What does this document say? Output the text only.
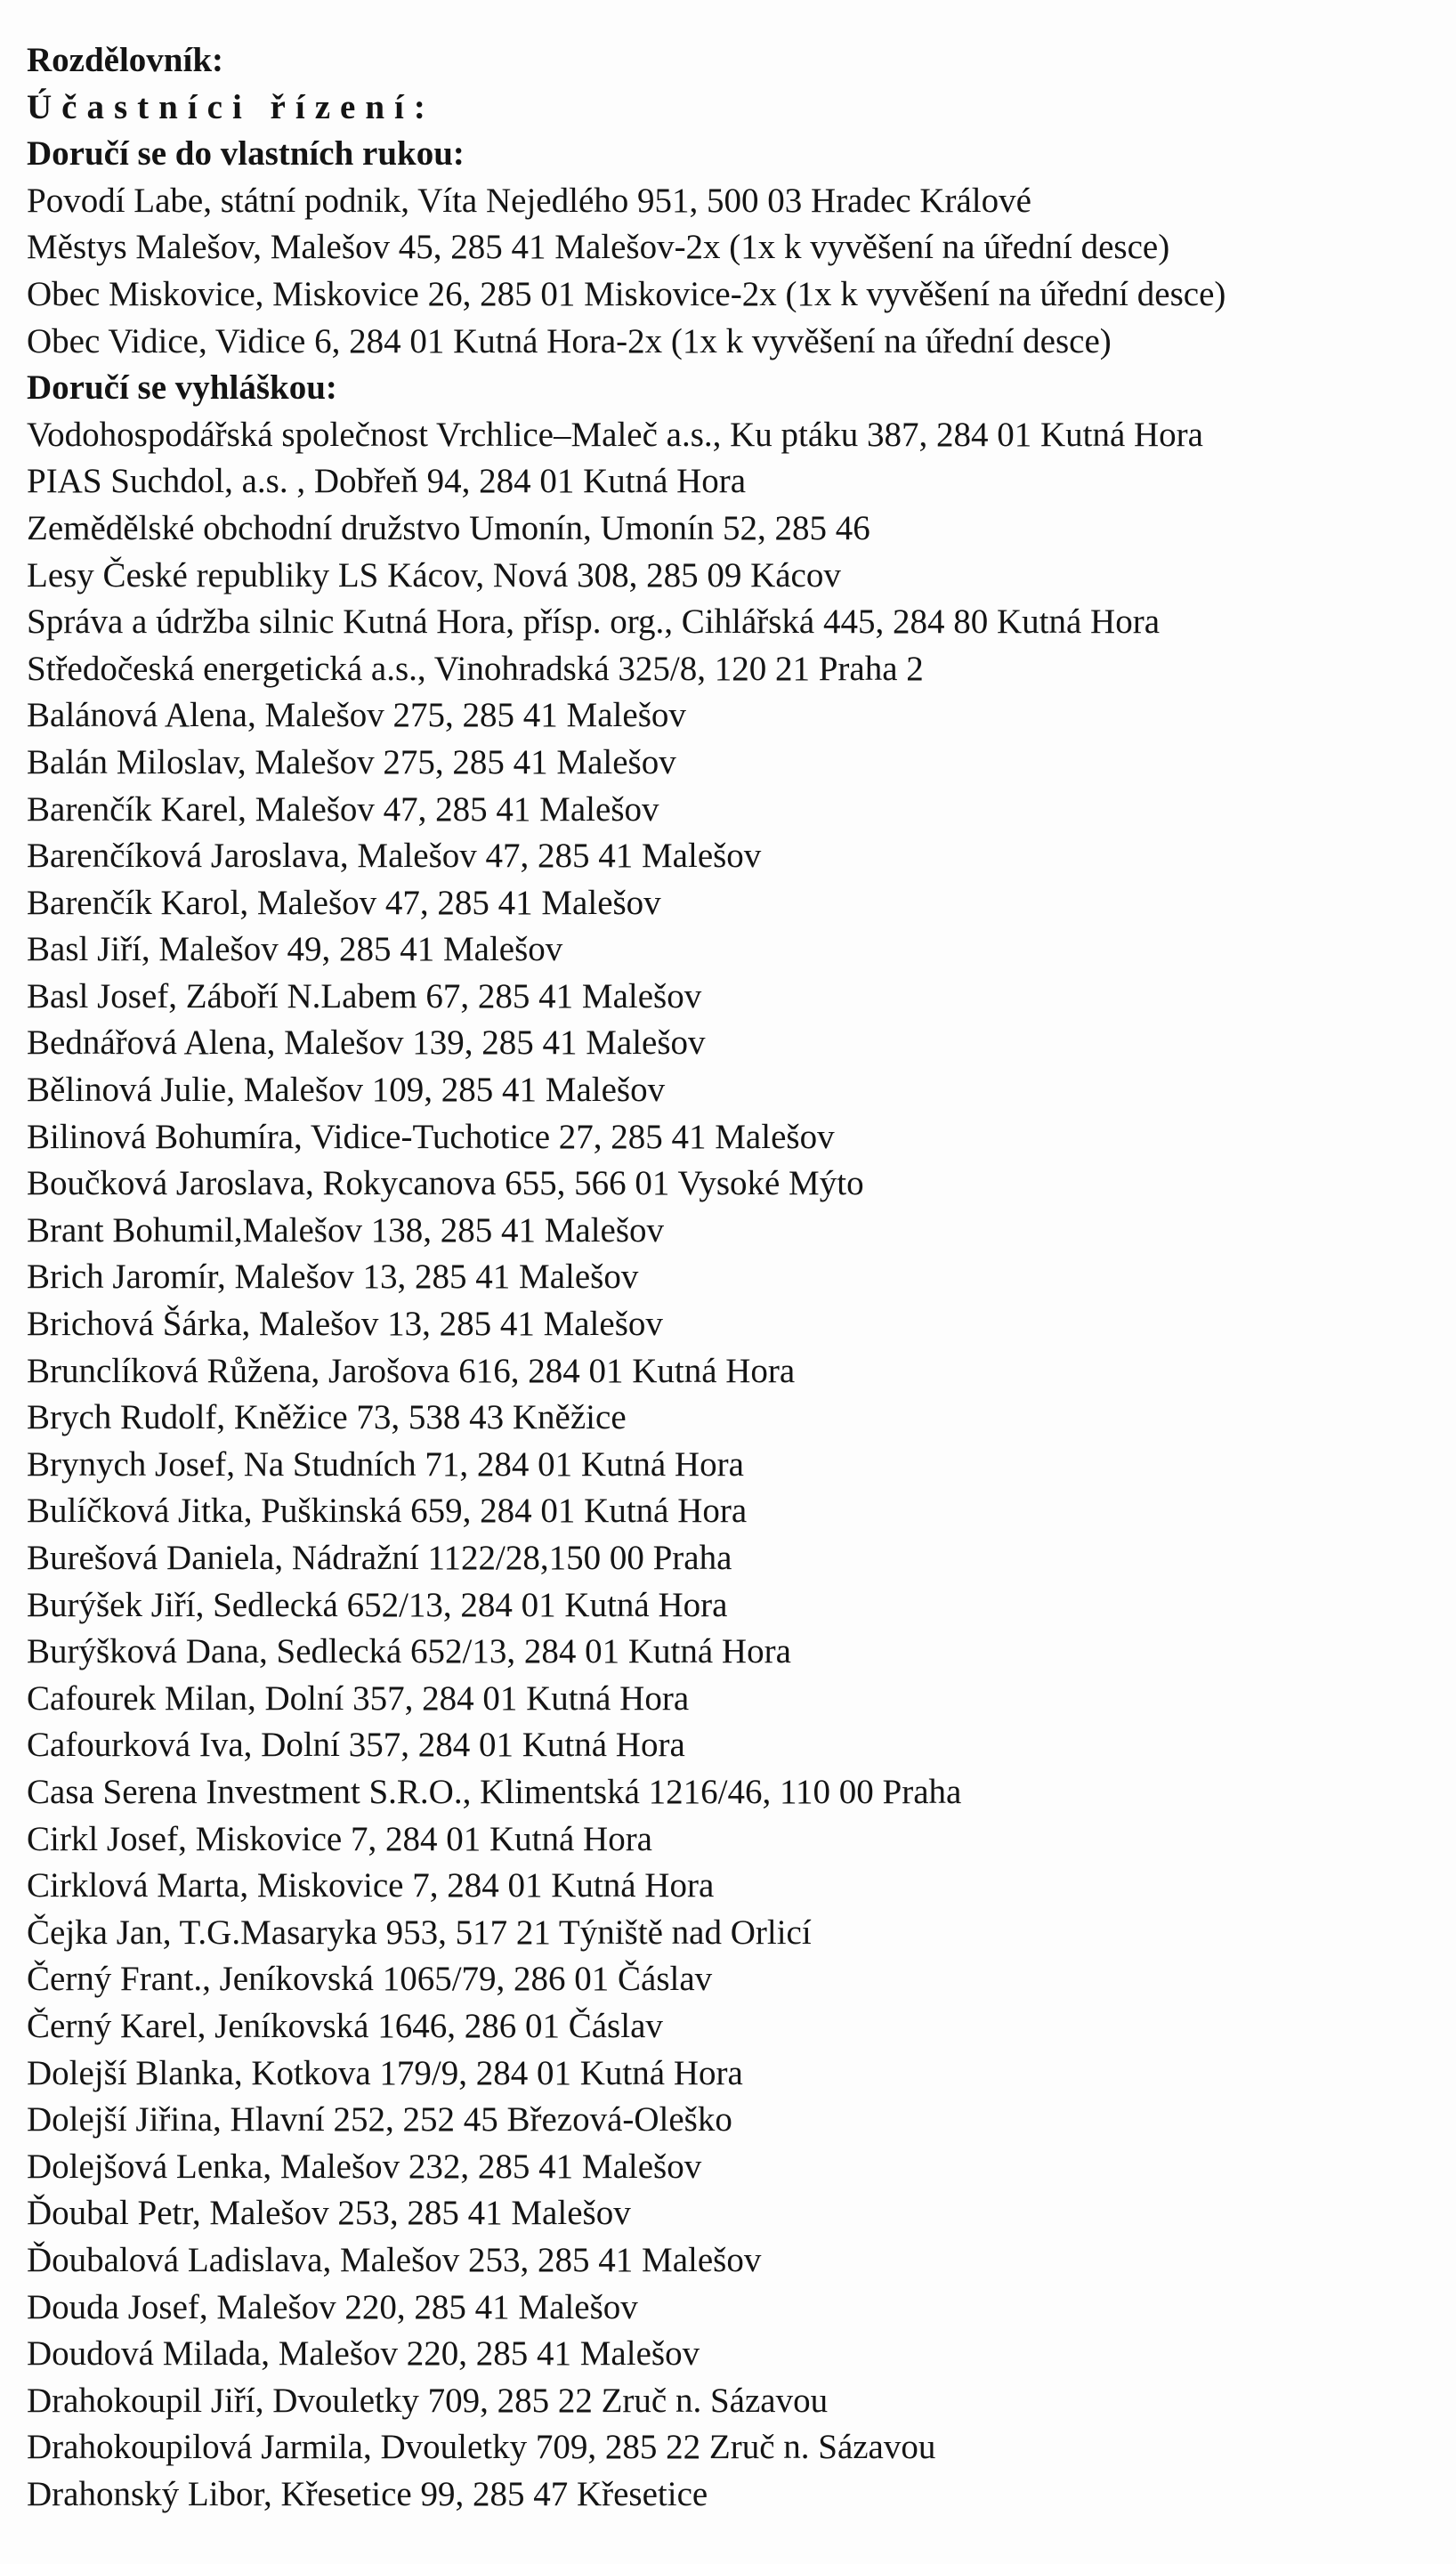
Rozdělovník:
Účastníci řízení:
Doručí se do vlastních rukou:
Povodí Labe, státní podnik, Víta Nejedlého 951, 500 03 Hradec Králové
Městys Malešov, Malešov 45, 285 41 Malešov-2x (1x k vyvěšení na úřední desce)
Obec Miskovice, Miskovice 26, 285 01 Miskovice-2x (1x k vyvěšení na úřední desce)
Obec Vidice, Vidice 6, 284 01 Kutná Hora-2x (1x k vyvěšení na úřední desce)
Doručí se vyhláškou:
Vodohospodářská společnost Vrchlice–Maleč a.s., Ku ptáku 387, 284 01 Kutná Hora
PIAS Suchdol, a.s. , Dobřeň 94, 284 01 Kutná Hora
Zemědělské obchodní družstvo Umonín, Umonín 52, 285 46
Lesy České republiky LS Kácov, Nová 308, 285 09 Kácov
Správa a údržba silnic Kutná Hora, přísp. org., Cihlářská 445, 284 80 Kutná Hora
Středočeská energetická a.s., Vinohradská 325/8, 120 21 Praha 2
Balánová Alena, Malešov 275, 285 41 Malešov
Balán Miloslav, Malešov 275, 285 41 Malešov
Barenčík Karel, Malešov 47, 285 41 Malešov
Barenčíková Jaroslava, Malešov 47, 285 41 Malešov
Barenčík Karol, Malešov 47, 285 41 Malešov
Basl Jiří, Malešov 49, 285 41 Malešov
Basl Josef, Záboří N.Labem 67, 285 41 Malešov
Bednářová Alena, Malešov 139, 285 41 Malešov
Bělinová Julie, Malešov 109, 285 41 Malešov
Bilinová Bohumíra, Vidice-Tuchotice 27, 285 41 Malešov
Boučková Jaroslava, Rokycanova 655, 566 01 Vysoké Mýto
Brant Bohumil,Malešov 138, 285 41 Malešov
Brich Jaromír, Malešov 13, 285 41 Malešov
Brichová Šárka, Malešov 13, 285 41 Malešov
Brunclíková Růžena, Jarošova 616, 284 01 Kutná Hora
Brych Rudolf, Kněžice 73, 538 43 Kněžice
Brynych Josef, Na Studních 71, 284 01 Kutná Hora
Bulíčková Jitka, Puškinská 659, 284 01 Kutná Hora
Burešová Daniela, Nádražní 1122/28,150 00 Praha
Burýšek Jiří, Sedlecká 652/13, 284 01 Kutná Hora
Burýšková Dana, Sedlecká 652/13, 284 01 Kutná Hora
Cafourek Milan, Dolní 357, 284 01 Kutná Hora
Cafourková Iva, Dolní 357, 284 01 Kutná Hora
Casa Serena Investment S.R.O., Klimentská 1216/46, 110 00 Praha
Cirkl Josef, Miskovice 7, 284 01 Kutná Hora
Cirklová Marta, Miskovice 7, 284 01 Kutná Hora
Čejka Jan, T.G.Masaryka 953, 517 21 Týniště nad Orlicí
Černý Frant., Jeníkovská 1065/79, 286 01 Čáslav
Černý Karel, Jeníkovská 1646, 286 01 Čáslav
Dolejší Blanka, Kotkova 179/9, 284 01 Kutná Hora
Dolejší Jiřina, Hlavní 252, 252 45 Březová-Oleško
Dolejšová Lenka, Malešov 232, 285 41 Malešov
Ďoubal Petr, Malešov 253, 285 41 Malešov
Ďoubalová Ladislava, Malešov 253, 285 41 Malešov
Douda Josef, Malešov 220, 285 41 Malešov
Doudová Milada, Malešov 220, 285 41 Malešov
Drahokoupil Jiří, Dvouletky 709, 285 22 Zruč n. Sázavou
Drahokoupilová Jarmila, Dvouletky 709, 285 22 Zruč n. Sázavou
Drahonský Libor, Křesetice 99, 285 47 Křesetice
